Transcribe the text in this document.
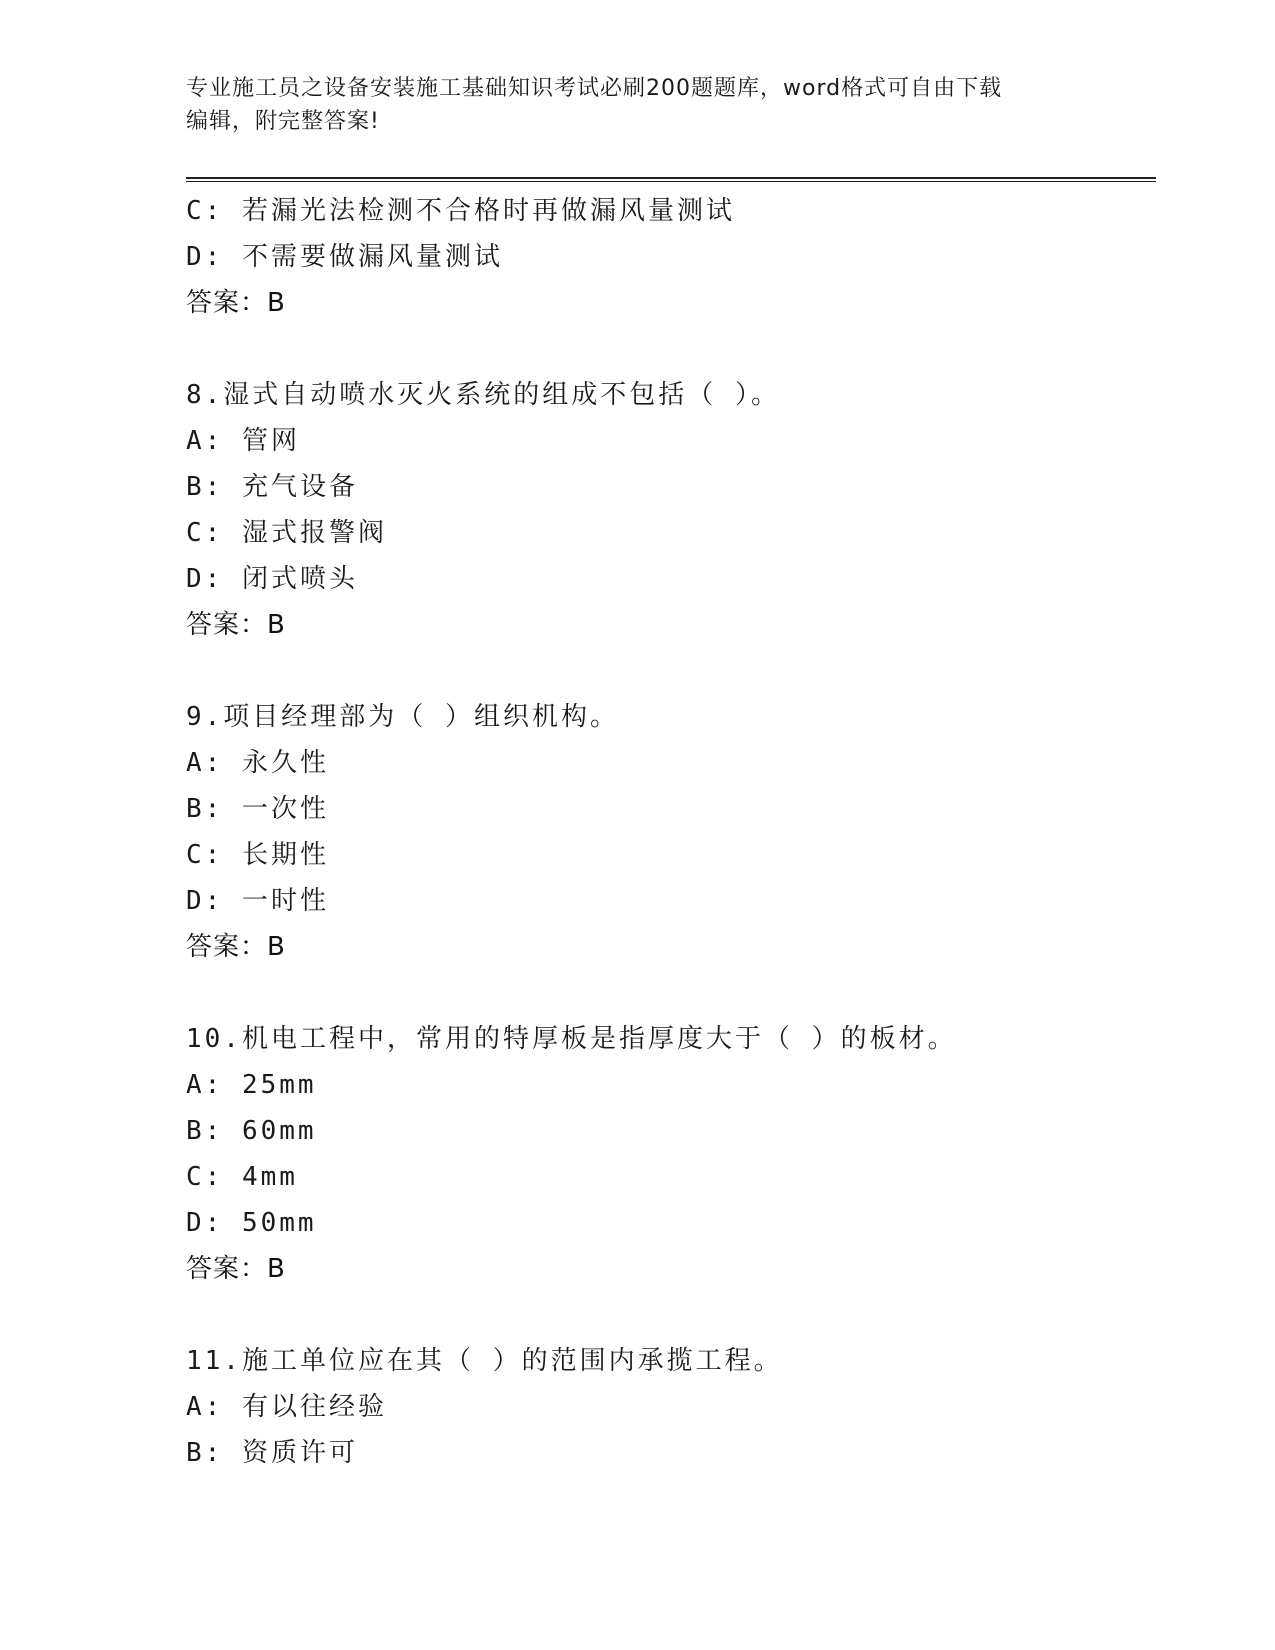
专业施工员之设备安装施工基础知识考试必刷200题题库，word格式可自由下载
编辑，附完整答案!
C: 若漏光法检测不合格时再做漏风量测试
D: 不需要做漏风量测试
答案：B
8.湿式自动喷水灭火系统的组成不包括（ ）。
A: 管网
B: 充气设备
C: 湿式报警阀
D: 闭式喷头
答案：B
9.项目经理部为（ ）组织机构。
A: 永久性
B: 一次性
C: 长期性
D: 一时性
答案：B
10.机电工程中，常用的特厚板是指厚度大于（ ）的板材。
A: 25mm
B: 60mm
C: 4mm
D: 50mm
答案：B
11.施工单位应在其（ ）的范围内承揽工程。
A: 有以往经验
B: 资质许可
